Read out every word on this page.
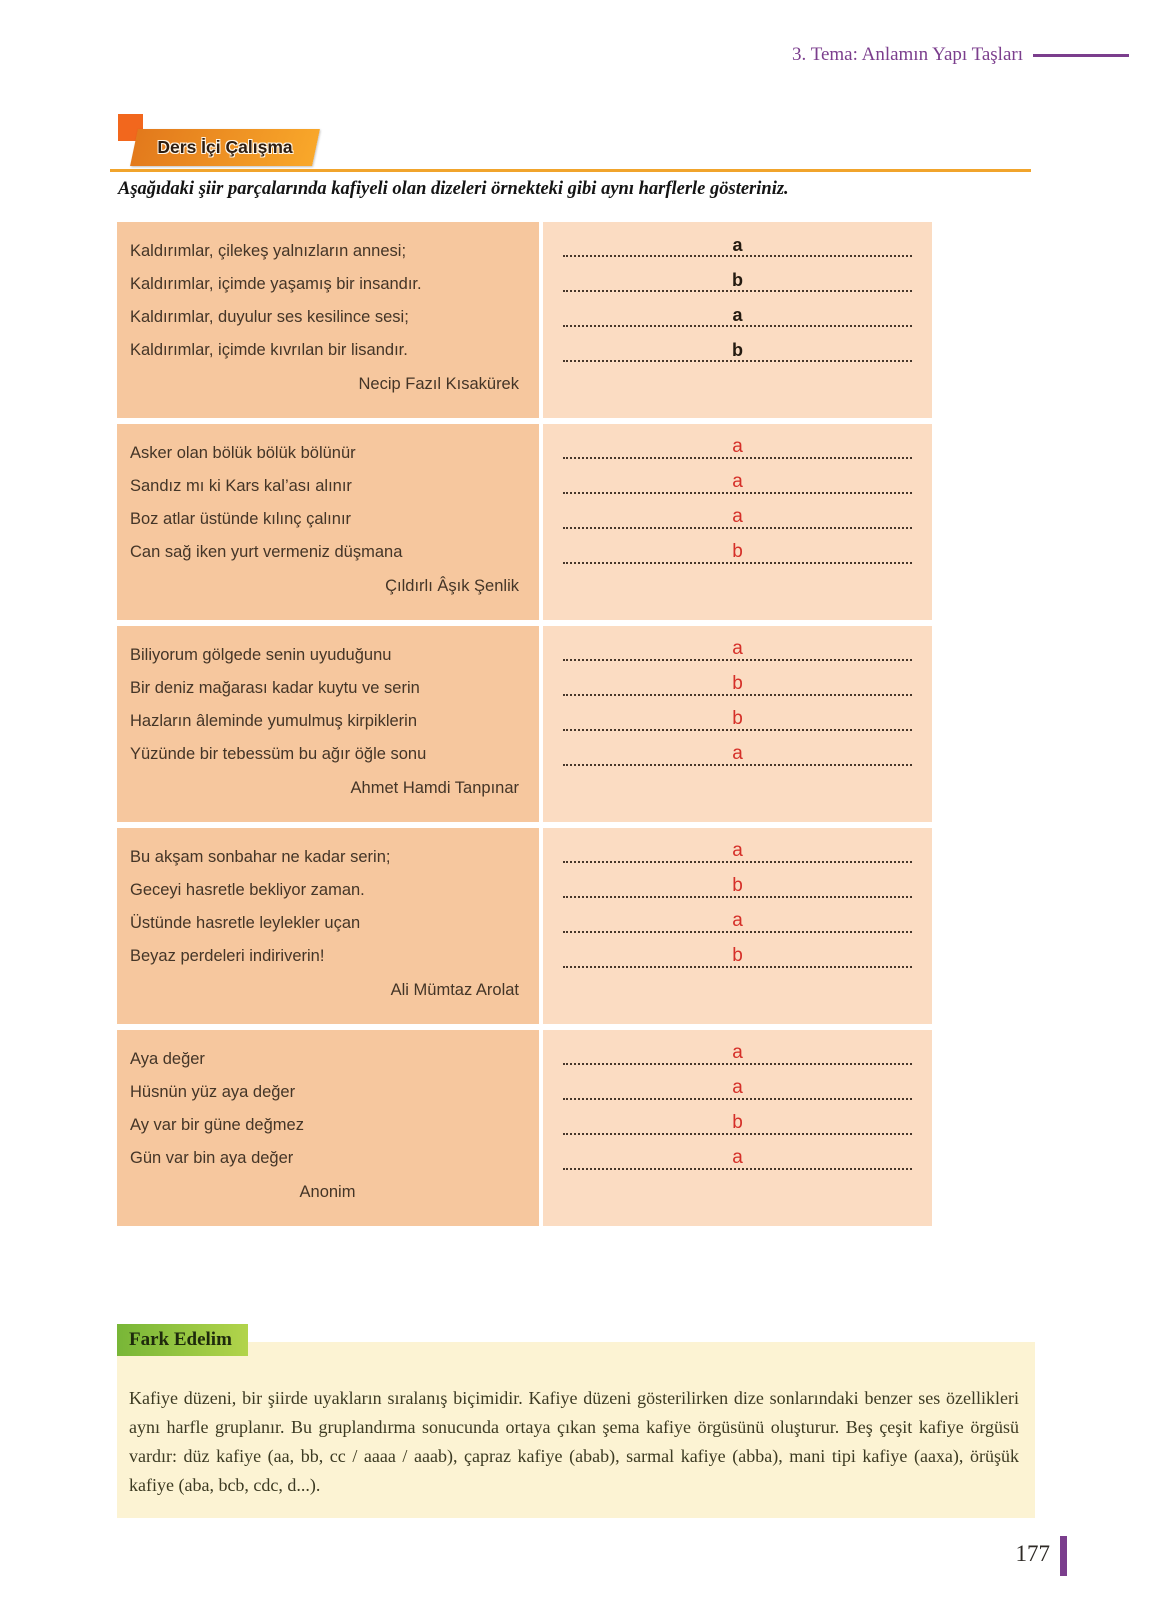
3. Tema: Anlamın Yapı Taşları
Ders İçi Çalışma
Aşağıdaki şiir parçalarında kafiyeli olan dizeleri örnekteki gibi aynı harflerle gösteriniz.
Kaldırımlar, çilekeş yalnızların annesi;
Kaldırımlar, içimde yaşamış bir insandır.
Kaldırımlar, duyulur ses kesilince sesi;
Kaldırımlar, içimde kıvrılan bir lisandır.
Necip Fazıl Kısakürek
a
b
a
b
Asker olan bölük bölük bölünür
Sandız mı ki Kars kal’ası alınır
Boz atlar üstünde kılınç çalınır
Can sağ iken yurt vermeniz düşmana
Çıldırlı Âşık Şenlik
a
a
a
b
Biliyorum gölgede senin uyuduğunu
Bir deniz mağarası kadar kuytu ve serin
Hazların âleminde yumulmuş kirpiklerin
Yüzünde bir tebessüm bu ağır öğle sonu
Ahmet Hamdi Tanpınar
a
b
b
a
Bu akşam sonbahar ne kadar serin;
Geceyi hasretle bekliyor zaman.
Üstünde hasretle leylekler uçan
Beyaz perdeleri indiriverin!
Ali Mümtaz Arolat
a
b
a
b
Aya değer
Hüsnün yüz aya değer
Ay var bir güne değmez
Gün var bin aya değer
Anonim
a
a
b
a
Fark Edelim

Kafiye düzeni, bir şiirde uyakların sıralanış biçimidir. Kafiye düzeni gösterilirken dize sonlarındaki benzer ses özellikleri aynı harfle gruplanır. Bu gruplandırma sonucunda ortaya çıkan şema kafiye örgüsünü oluşturur. Beş çeşit kafiye örgüsü vardır: düz kafiye (aa, bb, cc / aaaa / aaab), çapraz kafiye (abab), sarmal kafiye (abba), mani tipi kafiye (aaxa), örüşük kafiye (aba, bcb, cdc, d...).

177
